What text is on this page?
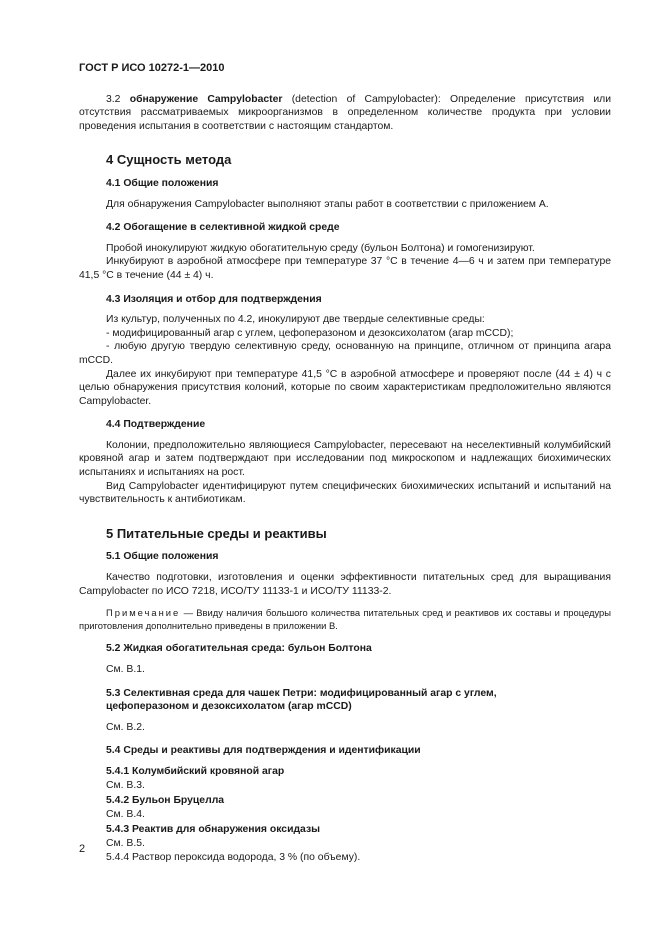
ГОСТ Р ИСО 10272-1—2010

3.2 обнаружение Campylobacter (detection of Campylobacter): Определение присутствия или отсутствия рассматриваемых микроорганизмов в определенном количестве продукта при условии проведения испытания в соответствии с настоящим стандартом.

4 Сущность метода
4.1 Общие положения

Для обнаружения Campylobacter выполняют этапы работ в соответствии с приложением А.

4.2 Обогащение в селективной жидкой среде

Пробой инокулируют жидкую обогатительную среду (бульон Болтона) и гомогенизируют.

Инкубируют в аэробной атмосфере при температуре 37 °С в течение 4—6 ч и затем при температуре 41,5 °С в течение (44 ± 4) ч.

4.3 Изоляция и отбор для подтверждения

Из культур, полученных по 4.2, инокулируют две твердые селективные среды:

- модифицированный агар с углем, цефоперазоном и дезоксихолатом (агар mCCD);

- любую другую твердую селективную среду, основанную на принципе, отличном от принципа агара mCCD.

Далее их инкубируют при температуре 41,5 °С в аэробной атмосфере и проверяют после (44 ± 4) ч с целью обнаружения присутствия колоний, которые по своим характеристикам предположительно являются Campylobacter.

4.4 Подтверждение

Колонии, предположительно являющиеся Campylobacter, пересевают на неселективный колумбийский кровяной агар и затем подтверждают при исследовании под микроскопом и надлежащих биохимических испытаниях и испытаниях на рост.

Вид Campylobacter идентифицируют путем специфических биохимических испытаний и испытаний на чувствительность к антибиотикам.

5 Питательные среды и реактивы
5.1 Общие положения

Качество подготовки, изготовления и оценки эффективности питательных сред для выращивания Campylobacter по ИСО 7218, ИСО/ТУ 11133-1 и ИСО/ТУ 11133-2.

Примечание — Ввиду наличия большого количества питательных сред и реактивов их составы и процедуры приготовления дополнительно приведены в приложении В.

5.2 Жидкая обогатительная среда: бульон Болтона

См. В.1.

5.3 Селективная среда для чашек Петри: модифицированный агар с углем, цефоперазоном и дезоксихолатом (агар mCCD)

См. В.2.

5.4 Среды и реактивы для подтверждения и идентификации
5.4.1 Колумбийский кровяной агар

См. В.3.

5.4.2 Бульон Бруцелла

См. В.4.

5.4.3 Реактив для обнаружения оксидазы

См. В.5.

5.4.4 Раствор пероксида водорода, 3 % (по объему).

2
